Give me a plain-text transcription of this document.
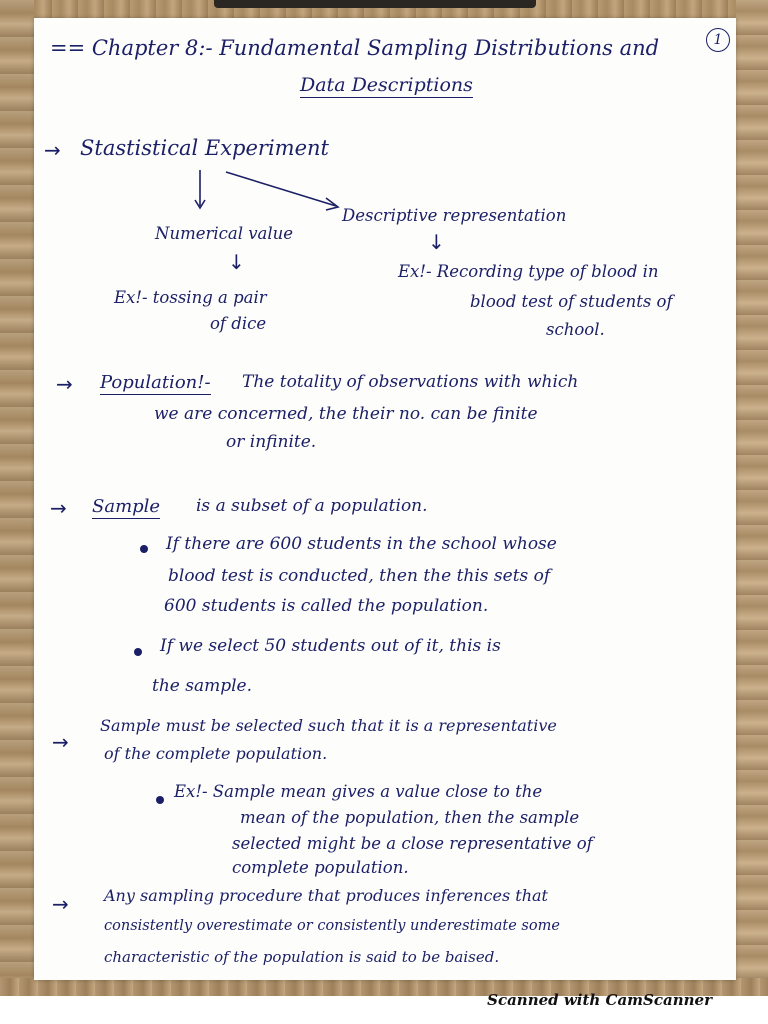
1
== Chapter 8:- Fundamental Sampling Distributions and
Data Descriptions
→ Stastistical Experiment
Numerical value
↓
Ex!- tossing a pair
of dice
Descriptive representation
↓
Ex!- Recording type of blood in
blood test of students of
school.
→ Population!- The totality of observations with which
we are concerned, the their no. can be finite
or infinite.
→ Sample is a subset of a population.
If there are 600 students in the school whose
blood test is conducted, then the this sets of
600 students is called the population.
If we select 50 students out of it, this is
the sample.
→
Sample must be selected such that it is a representative
of the complete population.
Ex!- Sample mean gives a value close to the
mean of the population, then the sample
selected might be a close representative of
complete population.
→ Any sampling procedure that produces inferences that
consistently overestimate or consistently underestimate some
characteristic of the population is said to be baised.
Scanned with CamScanner
